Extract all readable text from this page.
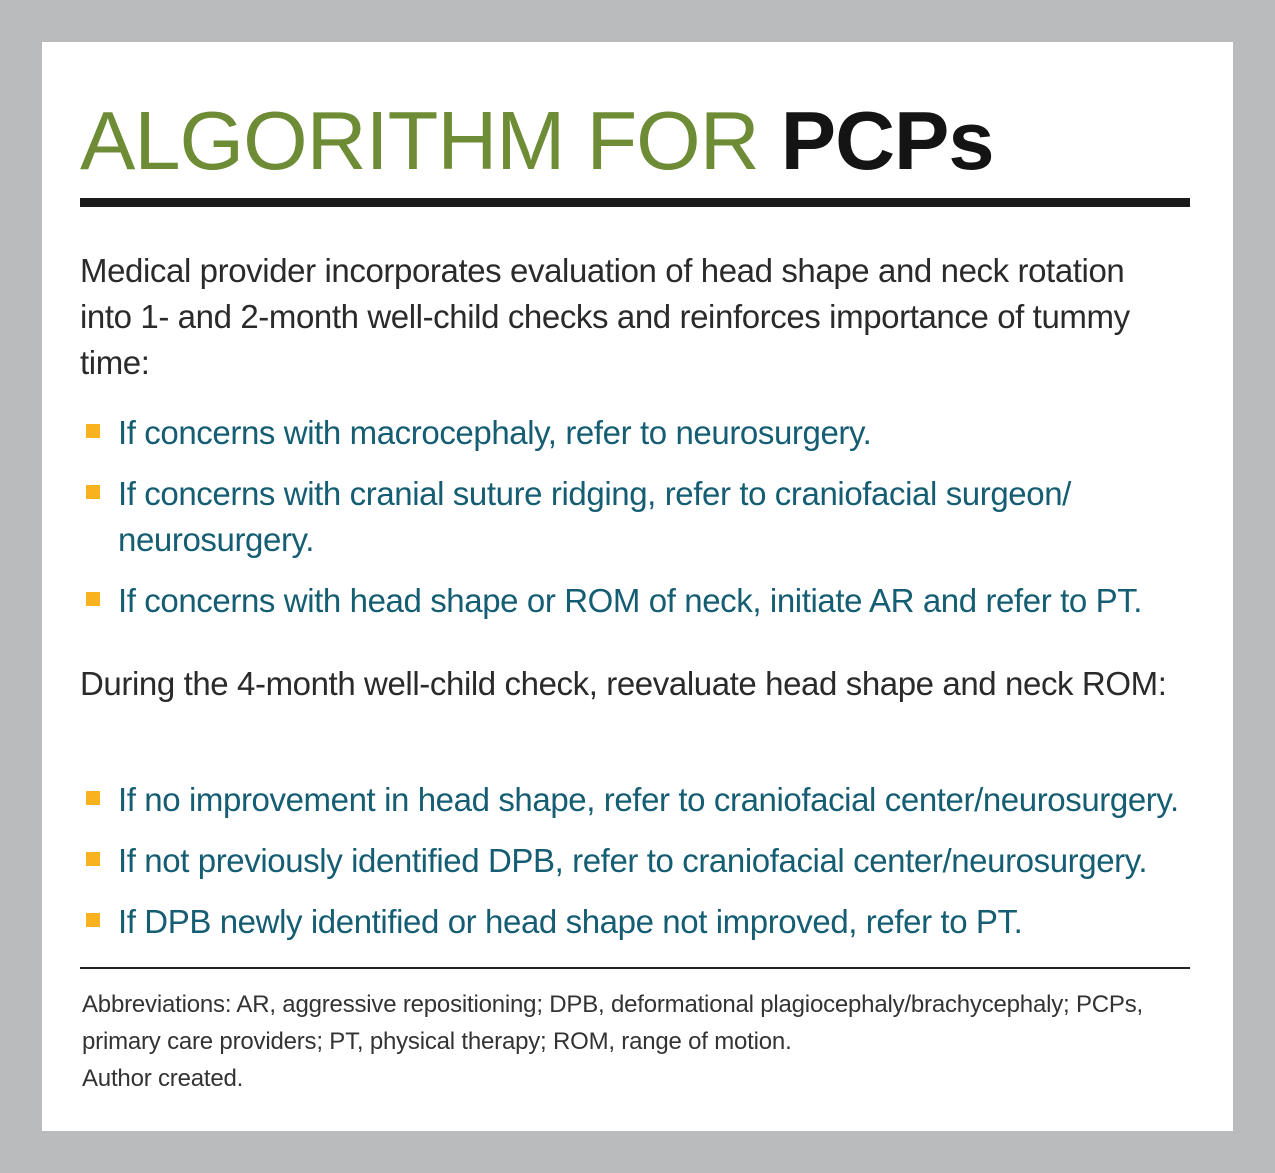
ALGORITHM FOR PCPs

Medical provider incorporates evaluation of head shape and neck rotation into 1- and 2-month well-child checks and reinforces importance of tummy time:

If concerns with macrocephaly, refer to neurosurgery.
If concerns with cranial suture ridging, refer to craniofacial surgeon/ neurosurgery.
If concerns with head shape or ROM of neck, initiate AR and refer to PT.

During the 4-month well-child check, reevaluate head shape and neck ROM:

If no improvement in head shape, refer to craniofacial center/neurosurgery.
If not previously identified DPB, refer to craniofacial center/neurosurgery.
If DPB newly identified or head shape not improved, refer to PT.

Abbreviations: AR, aggressive repositioning; DPB, deformational plagiocephaly/brachycephaly; PCPs, primary care providers; PT, physical therapy; ROM, range of motion.
Author created.
